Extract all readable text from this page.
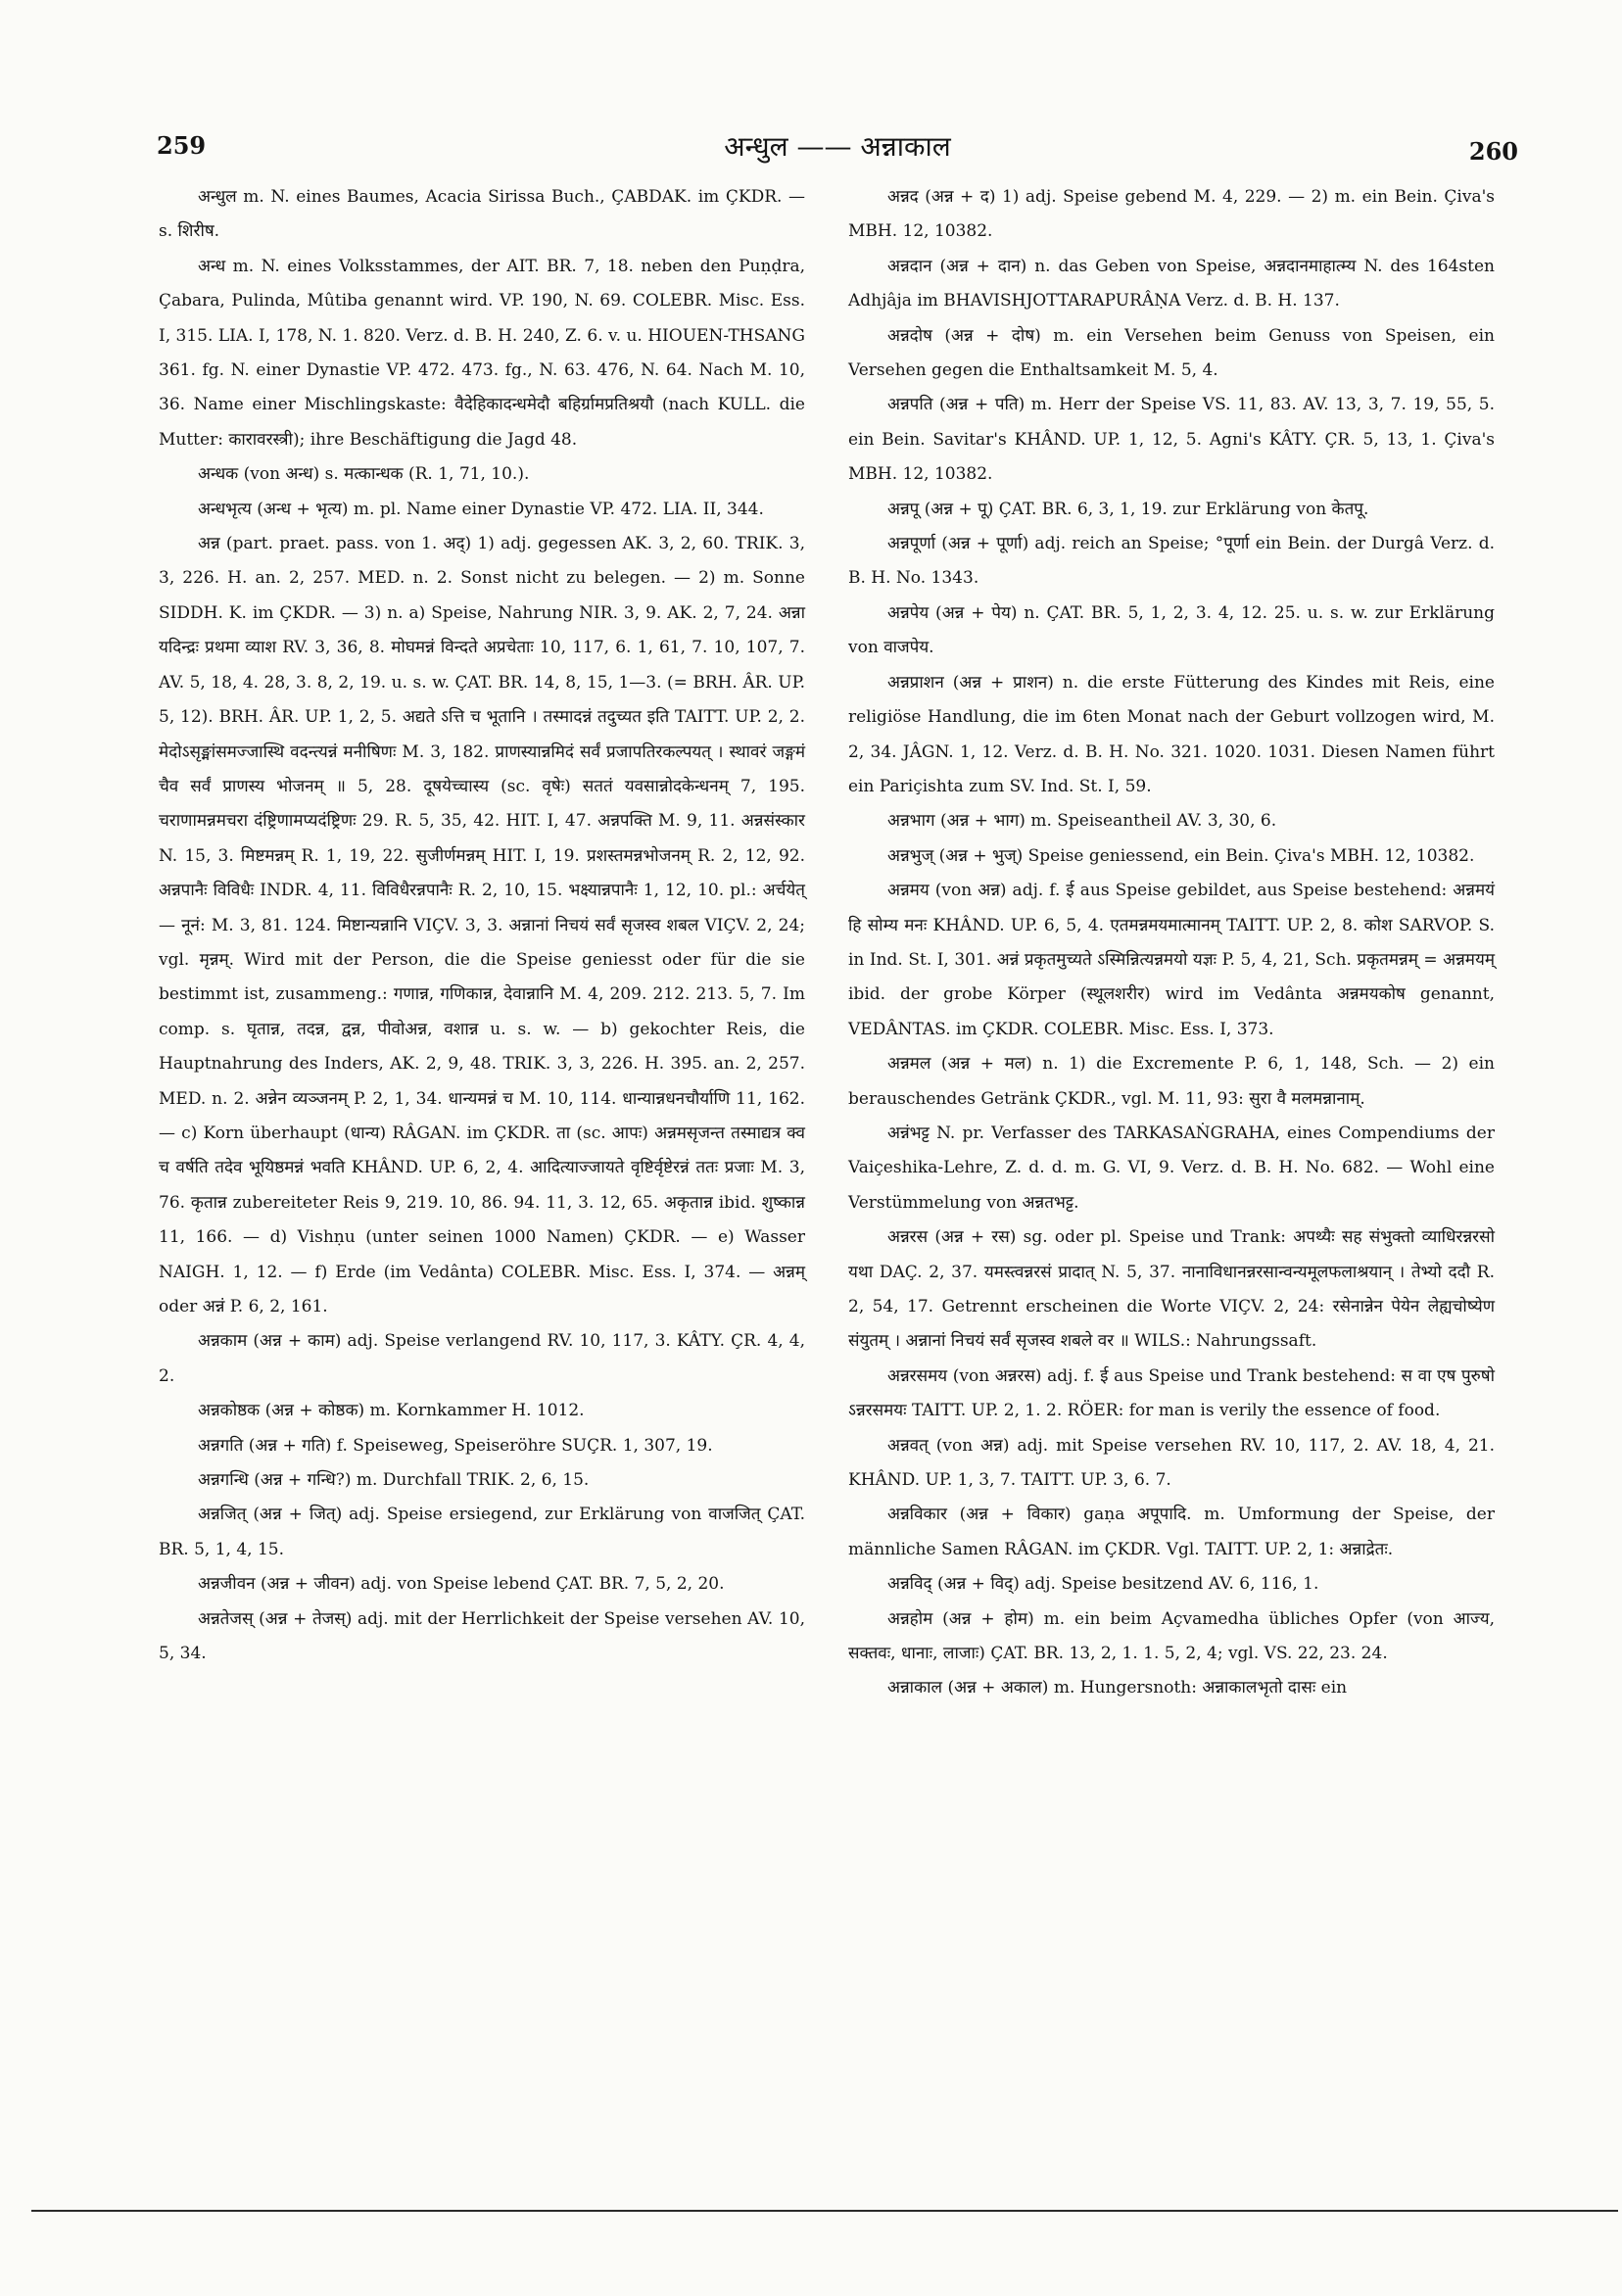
259	अन्धुल —— अन्नाकाल	260

अन्धुल m. N. eines Baumes, Acacia Sirissa Buch., ÇABDAK. im ÇKDR. — s. शिरीष.

अन्ध m. N. eines Volksstammes, der AIT. BR. 7, 18. neben den Puṇḍra, Çabara, Pulinda, Mûtiba genannt wird. VP. 190, N. 69. COLEBR. Misc. Ess. I, 315. LIA. I, 178, N. 1. 820. Verz. d. B. H. 240, Z. 6. v. u. HIOUEN-THSANG 361. fg. N. einer Dynastie VP. 472. 473. fg., N. 63. 476, N. 64. Nach M. 10, 36. Name einer Mischlingskaste: वैदेहिकादन्धमेदौ बहिर्ग्रामप्रतिश्रयौ (nach KULL. die Mutter: कारावरस्त्री); ihre Beschäftigung die Jagd 48.

अन्धक (von अन्ध) s. मत्कान्धक (R. 1, 71, 10.).

अन्धभृत्य (अन्ध + भृत्य) m. pl. Name einer Dynastie VP. 472. LIA. II, 344.

अन्न (part. praet. pass. von 1. अद्) 1) adj. gegessen AK. 3, 2, 60. TRIK. 3, 3, 226. H. an. 2, 257. MED. n. 2. Sonst nicht zu belegen. — 2) m. Sonne SIDDH. K. im ÇKDR. — 3) n. a) Speise, Nahrung NIR. 3, 9. AK. 2, 7, 24. अन्ना यदिन्द्रः प्रथमा व्याश RV. 3, 36, 8. मोघमन्नं विन्दते अप्रचेताः 10, 117, 6. 1, 61, 7. 10, 107, 7. AV. 5, 18, 4. 28, 3. 8, 2, 19. u. s. w. ÇAT. BR. 14, 8, 15, 1—3. (= BRH. ÂR. UP. 5, 12). BRH. ÂR. UP. 1, 2, 5. अद्यते ऽत्ति च भूतानि । तस्मादन्नं तदुच्यत इति TAITT. UP. 2, 2. मेदोऽसृङ्मांसमज्जास्थि वदन्त्यन्नं मनीषिणः M. 3, 182. प्राणस्यान्नमिदं सर्वं प्रजापतिरकल्पयत् । स्थावरं जङ्गमं चैव सर्वं प्राणस्य भोजनम् ॥ 5, 28. दूषयेच्चास्य (sc. वृषेः) सततं यवसान्नोदकेन्धनम् 7, 195. चराणामन्नमचरा दंष्ट्रिणामप्यदंष्ट्रिणः 29. R. 5, 35, 42. HIT. I, 47. अन्नपक्ति M. 9, 11. अन्नसंस्कार N. 15, 3. मिष्टमन्नम् R. 1, 19, 22. सुजीर्णमन्नम् HIT. I, 19. प्रशस्तमन्नभोजनम् R. 2, 12, 92. अन्नपानैः विविधैः INDR. 4, 11. विविधैरन्नपानैः R. 2, 10, 15. भक्ष्यान्नपानैः 1, 12, 10. pl.: अर्चयेत् — नूनं: M. 3, 81. 124. मिष्टान्यन्नानि VIÇV. 3, 3. अन्नानां निचयं सर्वं सृजस्व शबल VIÇV. 2, 24; vgl. मृन्नम्. Wird mit der Person, die die Speise geniesst oder für die sie bestimmt ist, zusammeng.: गणान्न, गणिकान्न, देवान्नानि M. 4, 209. 212. 213. 5, 7. Im comp. s. घृतान्न, तदन्न, द्वन्न, पीवोअन्न, वशान्न u. s. w. — b) gekochter Reis, die Hauptnahrung des Inders, AK. 2, 9, 48. TRIK. 3, 3, 226. H. 395. an. 2, 257. MED. n. 2. अन्नेन व्यञ्जनम् P. 2, 1, 34. धान्यमन्नं च M. 10, 114. धान्यान्नधनचौर्याणि 11, 162. — c) Korn überhaupt (धान्य) RÂGAN. im ÇKDR. ता (sc. आपः) अन्नमसृजन्त तस्माद्यत्र क्व च वर्षति तदेव भूयिष्ठमन्नं भवति KHÂND. UP. 6, 2, 4. आदित्याज्जायते वृष्टिर्वृष्टेरन्नं ततः प्रजाः M. 3, 76. कृतान्न zubereiteter Reis 9, 219. 10, 86. 94. 11, 3. 12, 65. अकृतान्न ibid. शुष्कान्न 11, 166. — d) Vishṇu (unter seinen 1000 Namen) ÇKDR. — e) Wasser NAIGH. 1, 12. — f) Erde (im Vedânta) COLEBR. Misc. Ess. I, 374. — अन्नम् oder अन्नं P. 6, 2, 161.

अन्नकाम (अन्न + काम) adj. Speise verlangend RV. 10, 117, 3. KÂTY. ÇR. 4, 4, 2.

अन्नकोष्ठक (अन्न + कोष्ठक) m. Kornkammer H. 1012.

अन्नगति (अन्न + गति) f. Speiseweg, Speiseröhre SUÇR. 1, 307, 19.

अन्नगन्धि (अन्न + गन्धि?) m. Durchfall TRIK. 2, 6, 15.

अन्नजित् (अन्न + जित्) adj. Speise ersiegend, zur Erklärung von वाजजित् ÇAT. BR. 5, 1, 4, 15.

अन्नजीवन (अन्न + जीवन) adj. von Speise lebend ÇAT. BR. 7, 5, 2, 20.

अन्नतेजस् (अन्न + तेजस्) adj. mit der Herrlichkeit der Speise versehen AV. 10, 5, 34.

अन्नद (अन्न + द) 1) adj. Speise gebend M. 4, 229. — 2) m. ein Bein. Çiva's MBH. 12, 10382.

अन्नदान (अन्न + दान) n. das Geben von Speise, अन्नदानमाहात्म्य N. des 164sten Adhjâja im BHAVISHJOTTARAPURÂṆA Verz. d. B. H. 137.

अन्नदोष (अन्न + दोष) m. ein Versehen beim Genuss von Speisen, ein Versehen gegen die Enthaltsamkeit M. 5, 4.

अन्नपति (अन्न + पति) m. Herr der Speise VS. 11, 83. AV. 13, 3, 7. 19, 55, 5. ein Bein. Savitar's KHÂND. UP. 1, 12, 5. Agni's KÂTY. ÇR. 5, 13, 1. Çiva's MBH. 12, 10382.

अन्नपू (अन्न + पू) ÇAT. BR. 6, 3, 1, 19. zur Erklärung von केतपू.

अन्नपूर्णा (अन्न + पूर्णा) adj. reich an Speise; °पूर्णा ein Bein. der Durgâ Verz. d. B. H. No. 1343.

अन्नपेय (अन्न + पेय) n. ÇAT. BR. 5, 1, 2, 3. 4, 12. 25. u. s. w. zur Erklärung von वाजपेय.

अन्नप्राशन (अन्न + प्राशन) n. die erste Fütterung des Kindes mit Reis, eine religiöse Handlung, die im 6ten Monat nach der Geburt vollzogen wird, M. 2, 34. JÂGN. 1, 12. Verz. d. B. H. No. 321. 1020. 1031. Diesen Namen führt ein Pariçishta zum SV. Ind. St. I, 59.

अन्नभाग (अन्न + भाग) m. Speiseantheil AV. 3, 30, 6.

अन्नभुज् (अन्न + भुज्) Speise geniessend, ein Bein. Çiva's MBH. 12, 10382.

अन्नमय (von अन्न) adj. f. ई aus Speise gebildet, aus Speise bestehend: अन्नमयं हि सोम्य मनः KHÂND. UP. 6, 5, 4. एतमन्नमयमात्मानम् TAITT. UP. 2, 8. कोश SARVOP. S. in Ind. St. I, 301. अन्नं प्रकृतमुच्यते ऽस्मिन्नित्यन्नमयो यज्ञः P. 5, 4, 21, Sch. प्रकृतमन्नम् = अन्नमयम् ibid. der grobe Körper (स्थूलशरीर) wird im Vedânta अन्नमयकोष genannt, VEDÂNTAS. im ÇKDR. COLEBR. Misc. Ess. I, 373.

अन्नमल (अन्न + मल) n. 1) die Excremente P. 6, 1, 148, Sch. — 2) ein berauschendes Getränk ÇKDR., vgl. M. 11, 93: सुरा वै मलमन्नानाम्.

अन्नंभट्ट N. pr. Verfasser des TARKASAṄGRAHA, eines Compendiums der Vaiçeshika-Lehre, Z. d. d. m. G. VI, 9. Verz. d. B. H. No. 682. — Wohl eine Verstümmelung von अन्नतभट्ट.

अन्नरस (अन्न + रस) sg. oder pl. Speise und Trank: अपथ्यैः सह संभुक्तो व्याधिरन्नरसो यथा DAÇ. 2, 37. यमस्त्वन्नरसं प्रादात् N. 5, 37. नानाविधानन्नरसान्वन्यमूलफलाश्रयान् । तेभ्यो ददौ R. 2, 54, 17. Getrennt erscheinen die Worte VIÇV. 2, 24: रसेनान्नेन पेयेन लेह्यचोष्येण संयुतम् । अन्नानां निचयं सर्वं सृजस्व शबले वर ॥ WILS.: Nahrungssaft.

अन्नरसमय (von अन्नरस) adj. f. ई aus Speise und Trank bestehend: स वा एष पुरुषो ऽन्नरसमयः TAITT. UP. 2, 1. 2. RÖER: for man is verily the essence of food.

अन्नवत् (von अन्न) adj. mit Speise versehen RV. 10, 117, 2. AV. 18, 4, 21. KHÂND. UP. 1, 3, 7. TAITT. UP. 3, 6. 7.

अन्नविकार (अन्न + विकार) gaṇa अपूपादि. m. Umformung der Speise, der männliche Samen RÂGAN. im ÇKDR. Vgl. TAITT. UP. 2, 1: अन्नाद्रेतः.

अन्नविद् (अन्न + विद्) adj. Speise besitzend AV. 6, 116, 1.

अन्नहोम (अन्न + होम) m. ein beim Açvamedha übliches Opfer (von आज्य, सक्तवः, धानाः, लाजाः) ÇAT. BR. 13, 2, 1. 1. 5, 2, 4; vgl. VS. 22, 23. 24.

अन्नाकाल (अन्न + अकाल) m. Hungersnoth: अन्नाकालभृतो दासः ein
